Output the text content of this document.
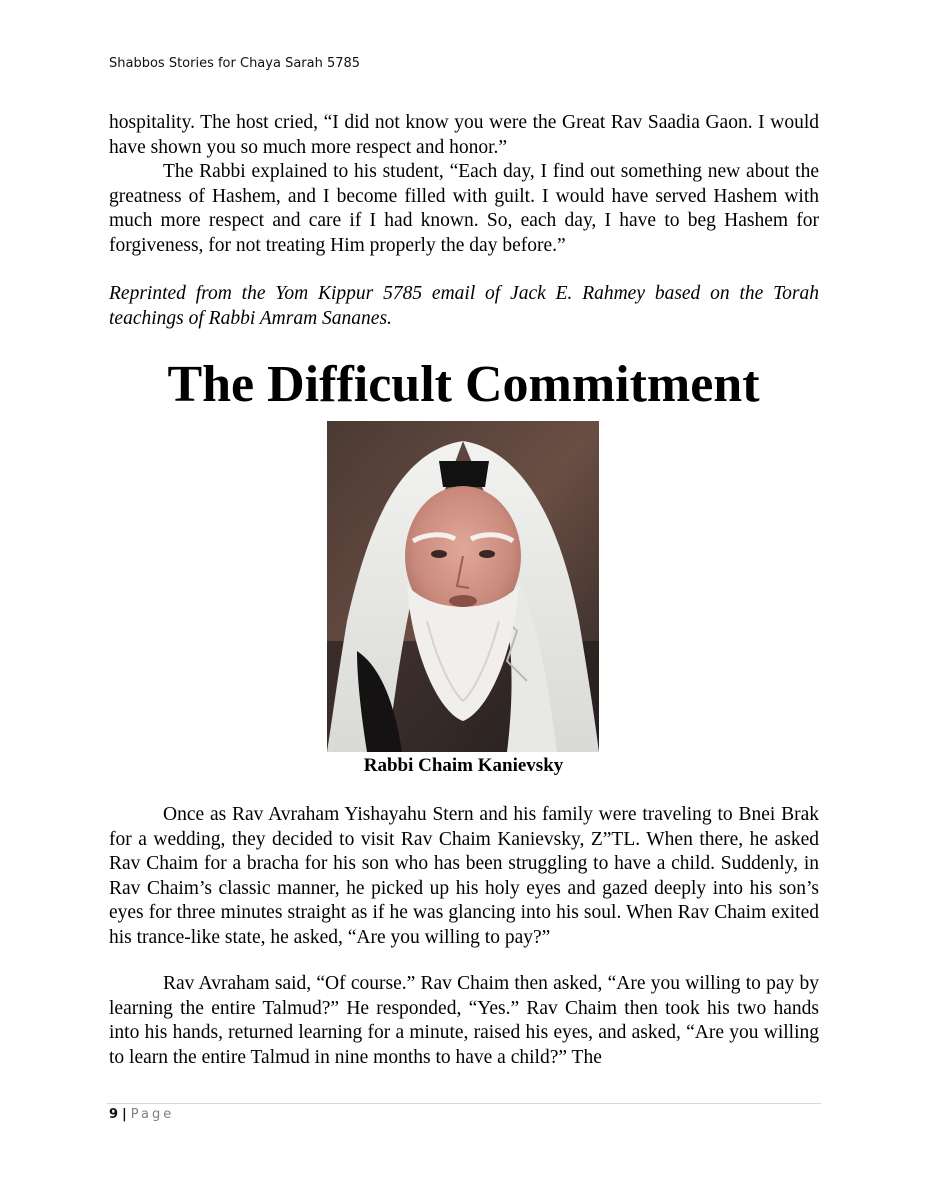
Shabbos Stories for Chaya Sarah 5785

hospitality. The host cried, “I did not know you were the Great Rav Saadia Gaon. I would have shown you so much more respect and honor.”

The Rabbi explained to his student, “Each day, I find out something new about the greatness of Hashem, and I become filled with guilt. I would have served Hashem with much more respect and care if I had known. So, each day, I have to beg Hashem for forgiveness, for not treating Him properly the day before.”

Reprinted from the Yom Kippur 5785 email of Jack E. Rahmey based on the Torah teachings of Rabbi Amram Sananes.

The Difficult Commitment
Rabbi Chaim Kanievsky

Once as Rav Avraham Yishayahu Stern and his family were traveling to Bnei Brak for a wedding, they decided to visit Rav Chaim Kanievsky, Z”TL. When there, he asked Rav Chaim for a bracha for his son who has been struggling to have a child. Suddenly, in Rav Chaim’s classic manner, he picked up his holy eyes and gazed deeply into his son’s eyes for three minutes straight as if he was glancing into his soul. When Rav Chaim exited his trance-like state, he asked, “Are you willing to pay?”

Rav Avraham said, “Of course.” Rav Chaim then asked, “Are you willing to pay by learning the entire Talmud?” He responded, “Yes.” Rav Chaim then took his two hands into his hands, returned learning for a minute, raised his eyes, and asked, “Are you willing to learn the entire Talmud in nine months to have a child?” The

9 | Page
